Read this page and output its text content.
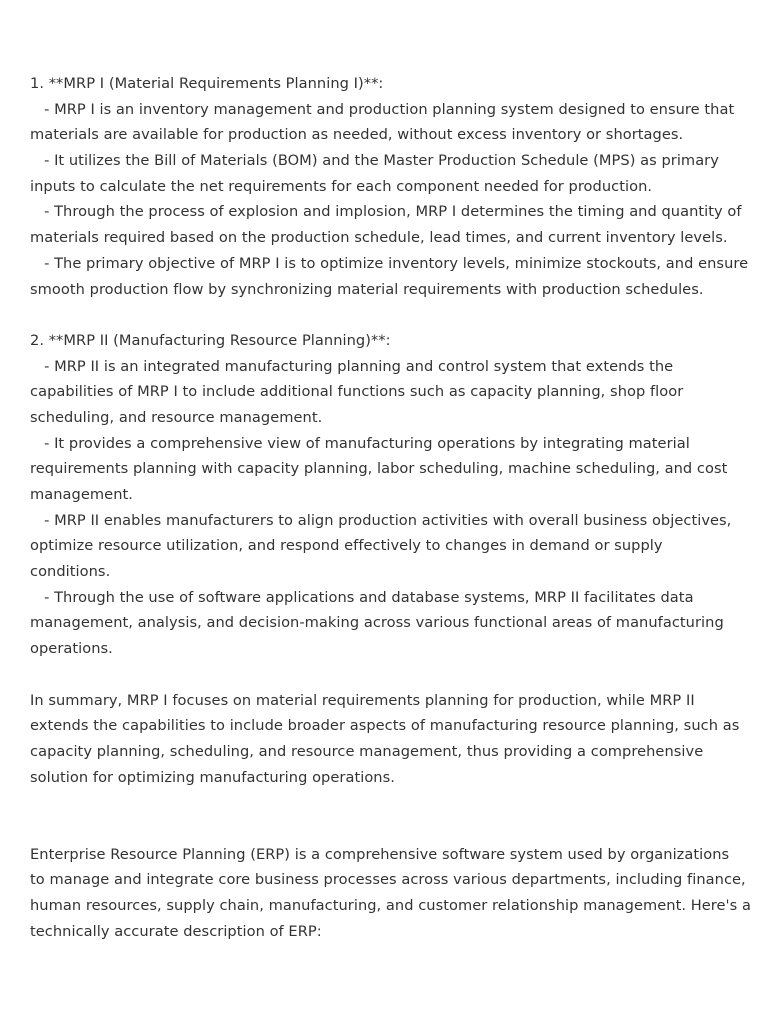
1. **MRP I (Material Requirements Planning I)**:
- MRP I is an inventory management and production planning system designed to ensure that
materials are available for production as needed, without excess inventory or shortages.
- It utilizes the Bill of Materials (BOM) and the Master Production Schedule (MPS) as primary
inputs to calculate the net requirements for each component needed for production.
- Through the process of explosion and implosion, MRP I determines the timing and quantity of
materials required based on the production schedule, lead times, and current inventory levels.
- The primary objective of MRP I is to optimize inventory levels, minimize stockouts, and ensure
smooth production flow by synchronizing material requirements with production schedules.
2. **MRP II (Manufacturing Resource Planning)**:
- MRP II is an integrated manufacturing planning and control system that extends the
capabilities of MRP I to include additional functions such as capacity planning, shop floor
scheduling, and resource management.
- It provides a comprehensive view of manufacturing operations by integrating material
requirements planning with capacity planning, labor scheduling, machine scheduling, and cost
management.
- MRP II enables manufacturers to align production activities with overall business objectives,
optimize resource utilization, and respond effectively to changes in demand or supply
conditions.
- Through the use of software applications and database systems, MRP II facilitates data
management, analysis, and decision-making across various functional areas of manufacturing
operations.
In summary, MRP I focuses on material requirements planning for production, while MRP II
extends the capabilities to include broader aspects of manufacturing resource planning, such as
capacity planning, scheduling, and resource management, thus providing a comprehensive
solution for optimizing manufacturing operations.
Enterprise Resource Planning (ERP) is a comprehensive software system used by organizations
to manage and integrate core business processes across various departments, including finance,
human resources, supply chain, manufacturing, and customer relationship management. Here's a
technically accurate description of ERP:
